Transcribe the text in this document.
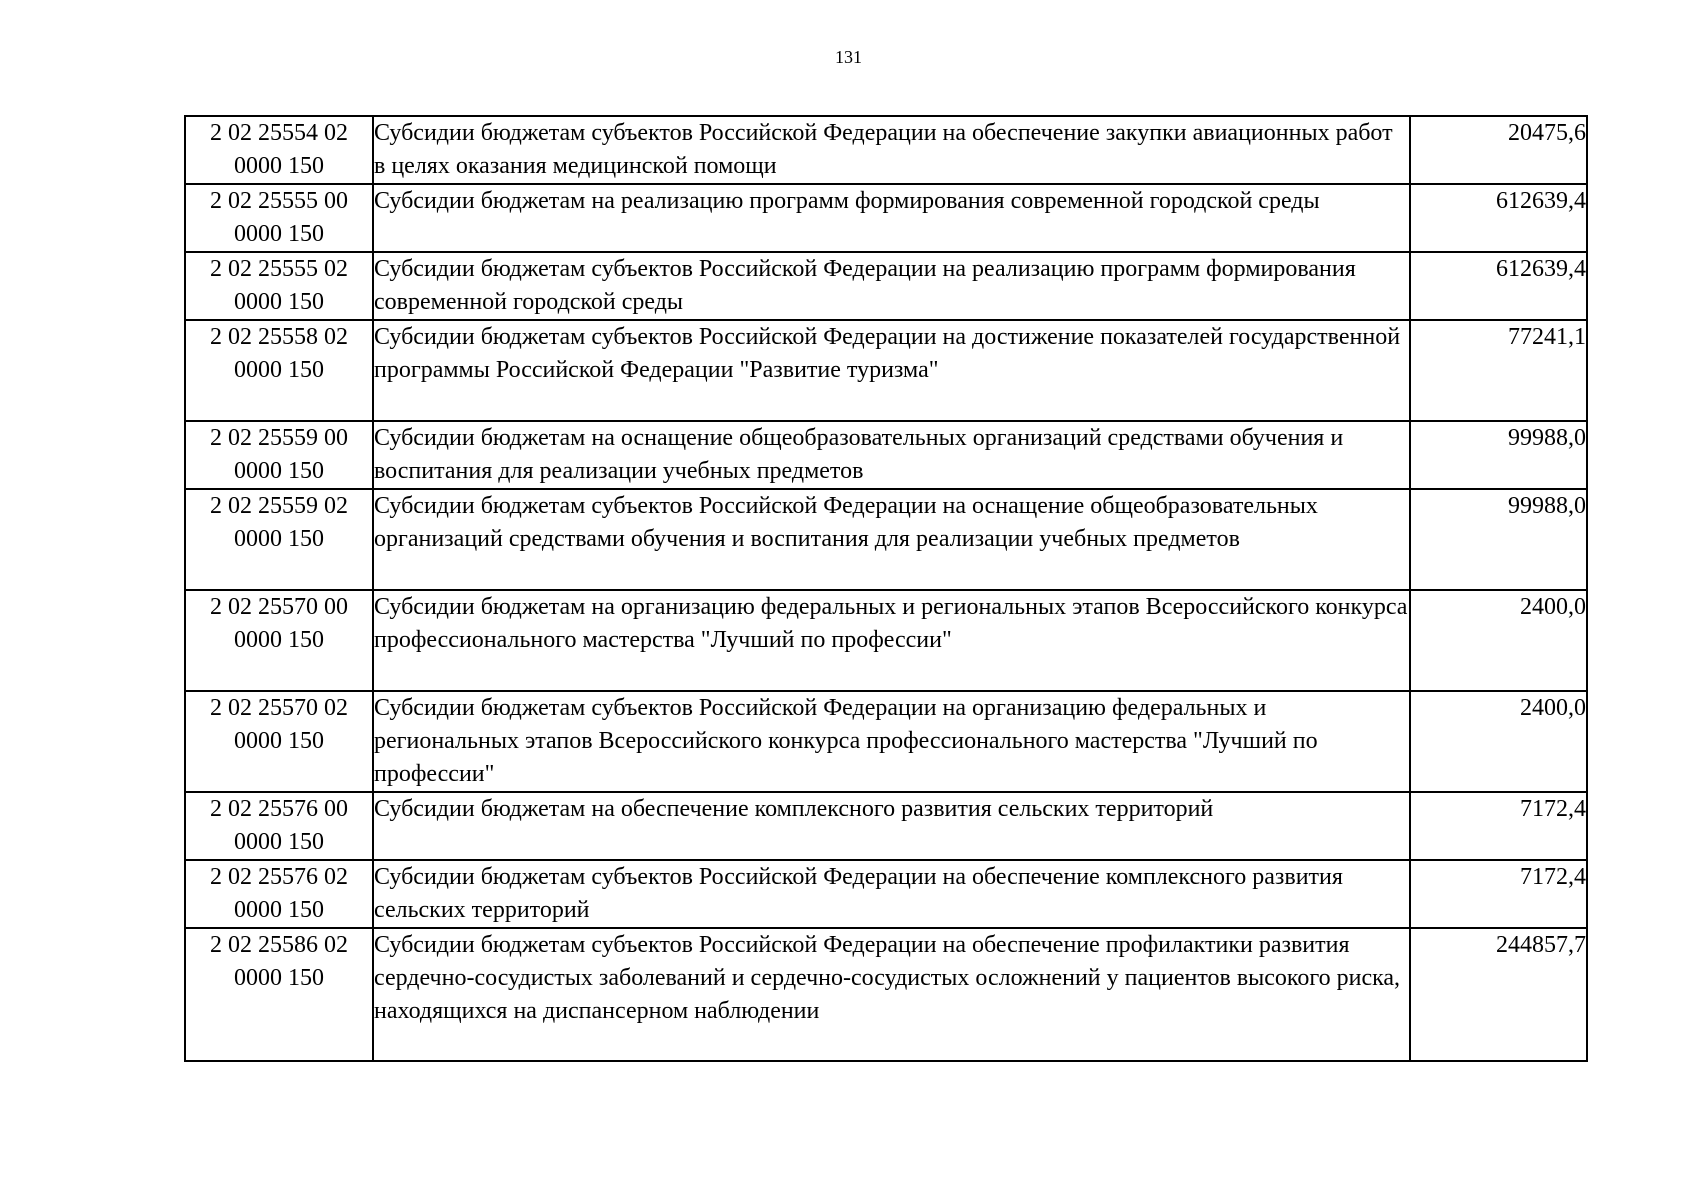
131
2 02 25554 02
0000 150	Субсидии бюджетам субъектов Российской Федерации на обеспечение закупки авиационных работ в целях оказания медицинской помощи	20475,6

2 02 25555 00
0000 150	Субсидии бюджетам на реализацию программ формирования современной городской среды	612639,4

2 02 25555 02
0000 150	Субсидии бюджетам субъектов Российской Федерации на реализацию программ формирования современной городской среды	612639,4

2 02 25558 02
0000 150	Субсидии бюджетам субъектов Российской Федерации на достижение показателей государственной программы Российской Федерации "Развитие туризма"	77241,1

2 02 25559 00
0000 150	Субсидии бюджетам на оснащение общеобразовательных организаций средствами обучения и воспитания для реализации учебных предметов	99988,0

2 02 25559 02
0000 150	Субсидии бюджетам субъектов Российской Федерации на оснащение общеобразовательных организаций средствами обучения и воспитания для реализации учебных предметов	99988,0

2 02 25570 00
0000 150	Субсидии бюджетам на организацию федеральных и региональных этапов Всероссийского конкурса профессионального мастерства "Лучший по профессии"	2400,0

2 02 25570 02
0000 150	Субсидии бюджетам субъектов Российской Федерации на организацию федеральных и региональных этапов Всероссийского конкурса профессионального мастерства "Лучший по профессии"	2400,0

2 02 25576 00
0000 150	Субсидии бюджетам на обеспечение комплексного развития сельских территорий	7172,4

2 02 25576 02
0000 150	Субсидии бюджетам субъектов Российской Федерации на обеспечение комплексного развития сельских территорий	7172,4

2 02 25586 02
0000 150	Субсидии бюджетам субъектов Российской Федерации на обеспечение профилактики развития сердечно-сосудистых заболеваний и сердечно-сосудистых осложнений у пациентов высокого риска, находящихся на диспансерном наблюдении	244857,7
